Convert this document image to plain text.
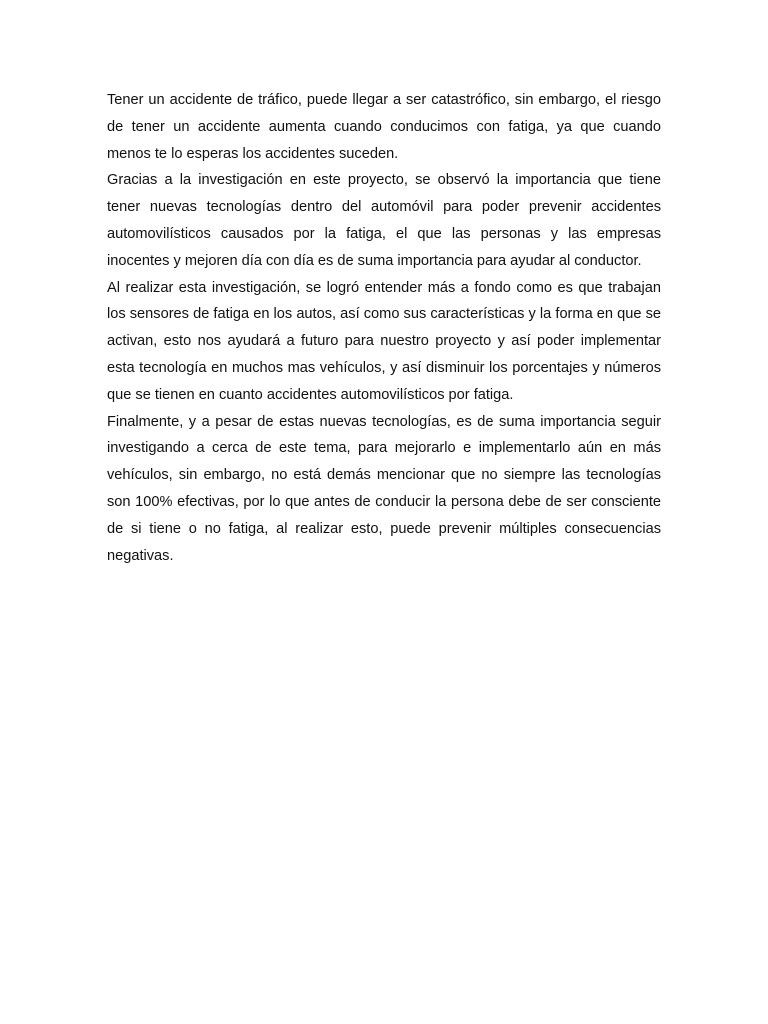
Tener un accidente de tráfico, puede llegar a ser catastrófico, sin embargo, el riesgo de tener un accidente aumenta cuando conducimos con fatiga, ya que cuando menos te lo esperas los accidentes suceden.

Gracias a la investigación en este proyecto, se observó la importancia que tiene tener nuevas tecnologías dentro del automóvil para poder prevenir accidentes automovilísticos causados por la fatiga, el que las personas y las empresas inocentes y mejoren día con día es de suma importancia para ayudar al conductor.

Al realizar esta investigación, se logró entender más a fondo como es que trabajan los sensores de fatiga en los autos, así como sus características y la forma en que se activan, esto nos ayudará a futuro para nuestro proyecto y así poder implementar esta tecnología en muchos mas vehículos, y así disminuir los porcentajes y números que se tienen en cuanto accidentes automovilísticos por fatiga.

Finalmente, y a pesar de estas nuevas tecnologías, es de suma importancia seguir investigando a cerca de este tema, para mejorarlo e implementarlo aún en más vehículos, sin embargo, no está demás mencionar que no siempre las tecnologías son 100% efectivas, por lo que antes de conducir la persona debe de ser consciente de si tiene o no fatiga, al realizar esto, puede prevenir múltiples consecuencias negativas.
